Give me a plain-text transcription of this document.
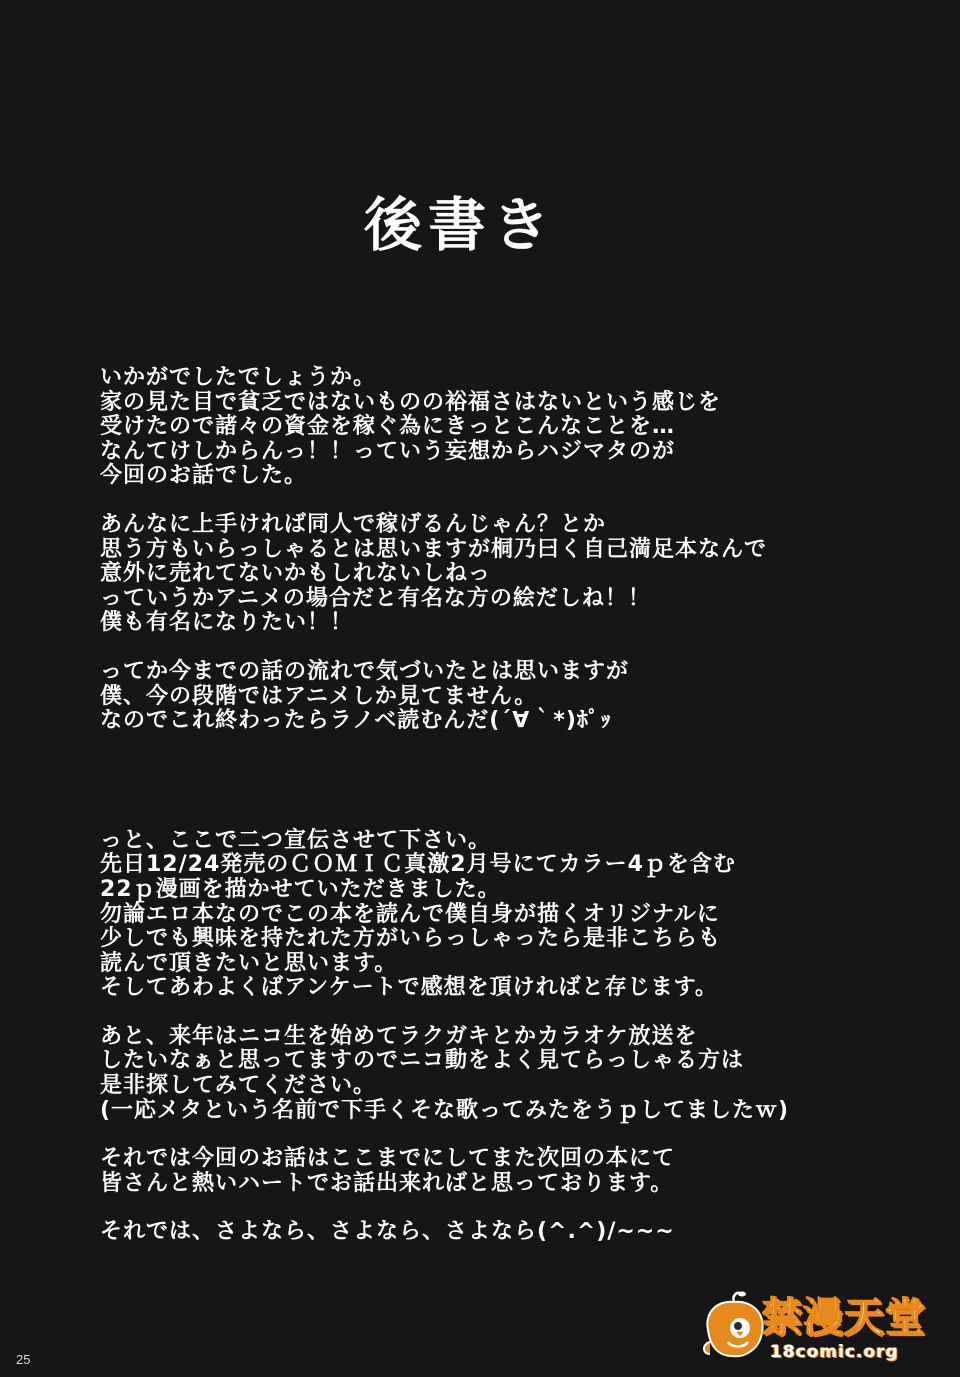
後書き
いかがでしたでしょうか。
家の見た目で貧乏ではないものの裕福さはないという感じを
受けたので諸々の資金を稼ぐ為にきっとこんなことを…
なんてけしからんっ！！っていう妄想からハジマタのが
今回のお話でした。
あんなに上手ければ同人で稼げるんじゃん？とか
思う方もいらっしゃるとは思いますが桐乃曰く自己満足本なんで
意外に売れてないかもしれないしねっ
っていうかアニメの場合だと有名な方の絵だしね！！
僕も有名になりたい！！
ってか今までの話の流れで気づいたとは思いますが
僕、今の段階ではアニメしか見てません。
なのでこれ終わったらラノベ読むんだ(´∀｀*)ﾎﾟｯ
っと、ここで二つ宣伝させて下さい。
先日12/24発売のＣＯＭＩＣ真激2月号にてカラー4ｐを含む
22ｐ漫画を描かせていただきました。
勿論エロ本なのでこの本を読んで僕自身が描くオリジナルに
少しでも興味を持たれた方がいらっしゃったら是非こちらも
読んで頂きたいと思います。
そしてあわよくばアンケートで感想を頂ければと存じます。
あと、来年はニコ生を始めてラクガキとかカラオケ放送を
したいなぁと思ってますのでニコ動をよく見てらっしゃる方は
是非探してみてください。
(一応メタという名前で下手くそな歌ってみたをうｐしてましたｗ)
それでは今回のお話はここまでにしてまた次回の本にて
皆さんと熱いハートでお話出来ればと思っております。
それでは、さよなら、さよなら、さよなら(^.^)/~~~
25
禁漫天堂
18comic.org
